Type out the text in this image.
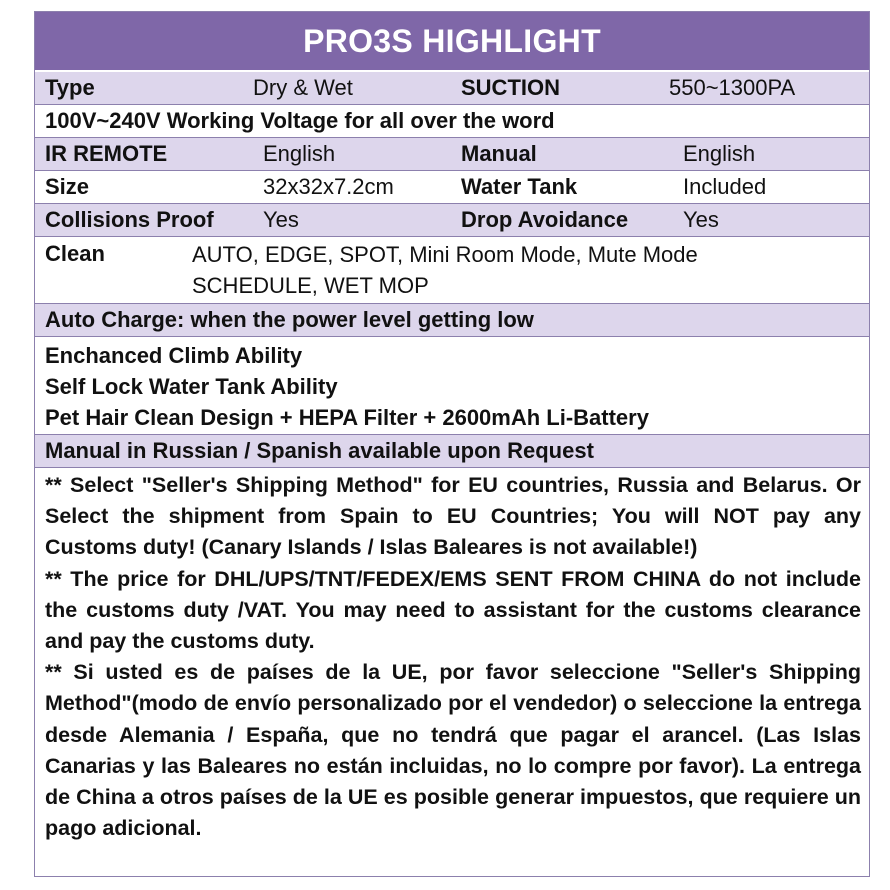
PRO3S HIGHLIGHT
Type	Dry & Wet	SUCTION	550~1300PA
100V~240V Working Voltage for all over the word
IR REMOTE	English	Manual	English
Size	32x32x7.2cm	Water Tank	Included
Collisions Proof Yes	Drop Avoidance Yes
Clean	AUTO, EDGE, SPOT, Mini Room Mode, Mute Mode
SCHEDULE, WET MOP
Auto Charge: when the power level getting low
Enchanced Climb Ability
Self Lock Water Tank Ability
Pet Hair Clean Design + HEPA Filter + 2600mAh Li-Battery
Manual in Russian / Spanish available upon Request

** Select "Seller's Shipping Method" for EU countries, Russia and Belarus. Or Select the shipment from Spain to EU Countries; You will NOT pay any Customs duty! (Canary Islands / Islas Baleares is not available!)

** The price for DHL/UPS/TNT/FEDEX/EMS SENT FROM CHINA do not include the customs duty /VAT. You may need to assistant for the customs clearance and pay the customs duty.

** Si usted es de países de la UE, por favor seleccione "Seller's Shipping Method"(modo de envío personalizado por el vendedor) o seleccione la entrega desde Alemania / España, que no tendrá que pagar el arancel. (Las Islas Canarias y las Baleares no están incluidas, no lo compre por favor). La entrega de China a otros países de la UE es posible generar impuestos, que requiere un pago adicional.
